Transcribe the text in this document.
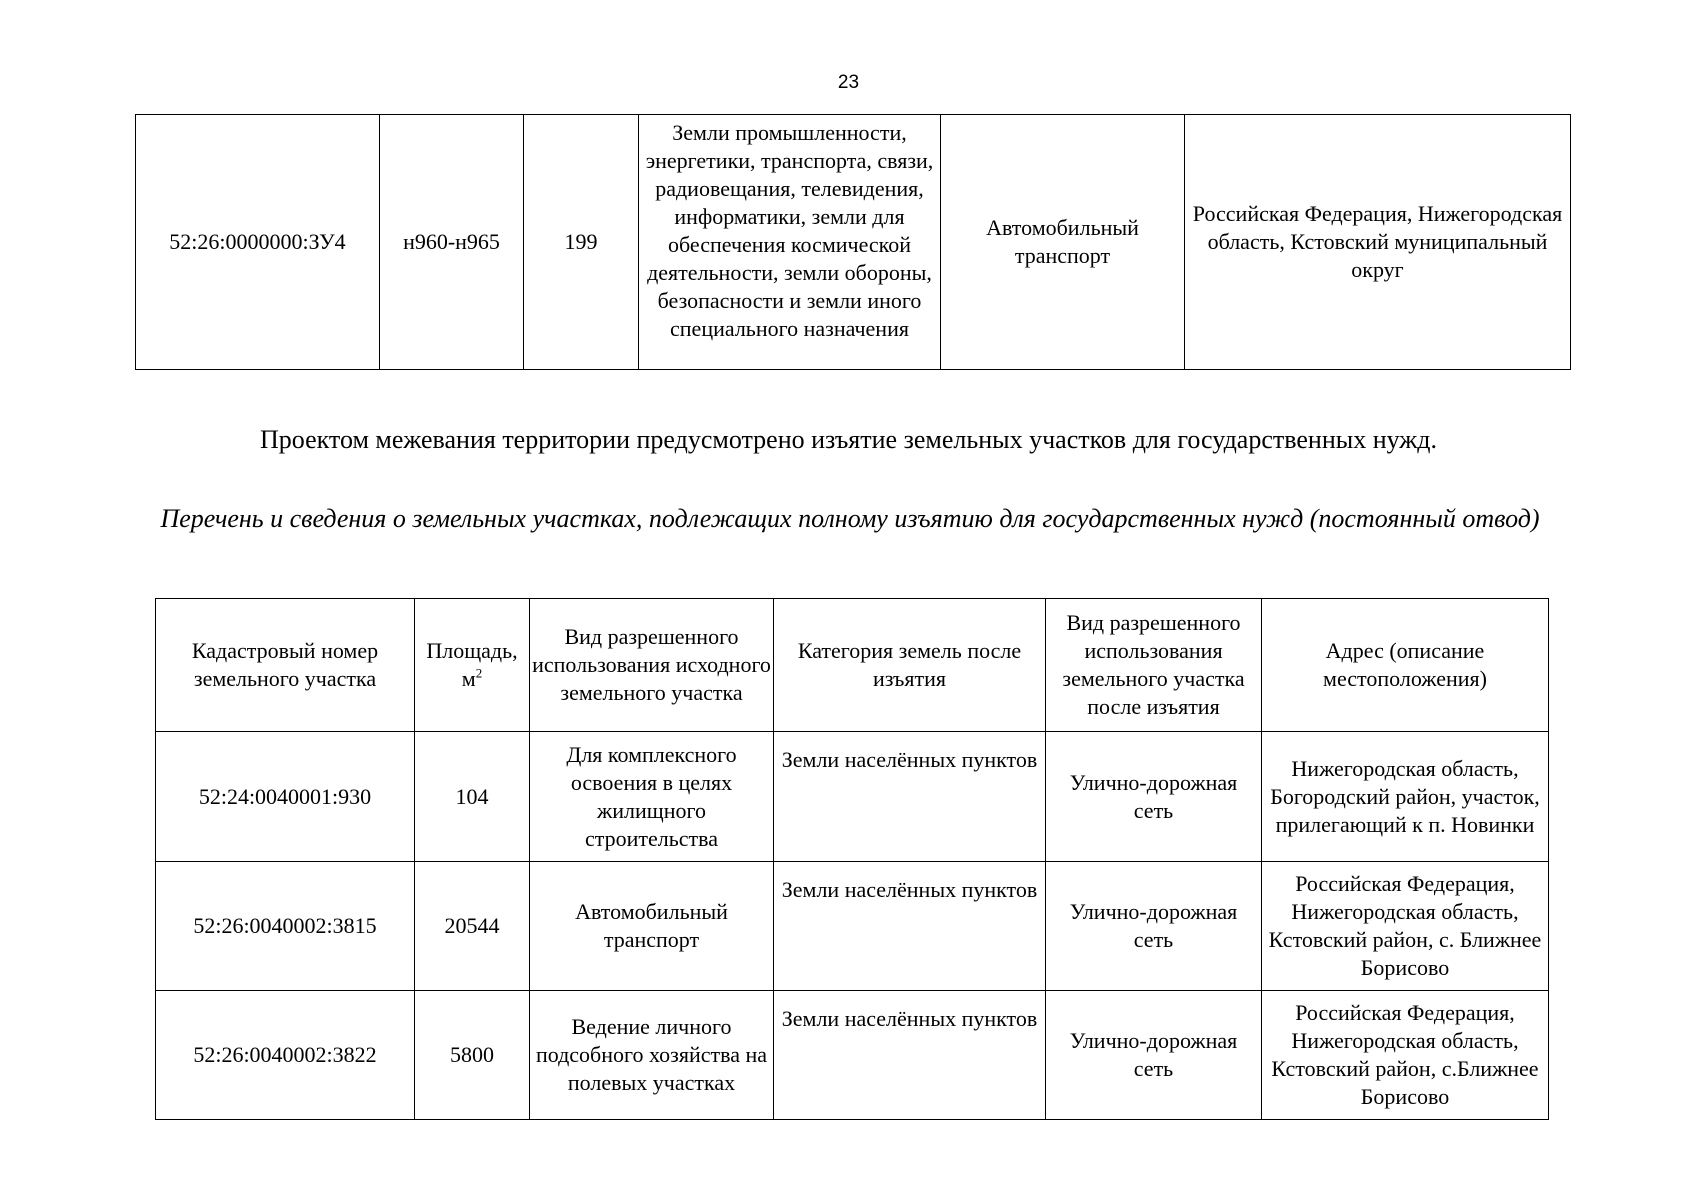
23
52:26:0000000:ЗУ4	н960-н965	199	Земли промышленности, энергетики, транспорта, связи, радиовещания, телевидения, информатики, земли для обеспечения космической деятельности, земли обороны, безопасности и земли иного специального назначения	Автомобильный транспорт	Российская Федерация, Нижегородская область, Кстовский муниципальный округ
Проектом межевания территории предусмотрено изъятие земельных участков для государственных нужд.
Перечень и сведения о земельных участках, подлежащих полному изъятию для государственных нужд (постоянный отвод)
Кадастровый номер земельного участка	Площадь, $м^2$	Вид разрешенного использования исходного земельного участка	Категория земель после изъятия	Вид разрешенного использования земельного участка после изъятия	Адрес (описание местоположения)
52:24:0040001:930	104	Для комплексного освоения в целях жилищного строительства	Земли населённых пунктов	Улично-дорожная сеть	Нижегородская область, Богородский район, участок, прилегающий к п. Новинки
52:26:0040002:3815	20544	Автомобильный транспорт	Земли населённых пунктов	Улично-дорожная сеть	Российская Федерация, Нижегородская область, Кстовский район, с. Ближнее Борисово
52:26:0040002:3822	5800	Ведение личного подсобного хозяйства на полевых участках	Земли населённых пунктов	Улично-дорожная сеть	Российская Федерация, Нижегородская область, Кстовский район, с.Ближнее Борисово
